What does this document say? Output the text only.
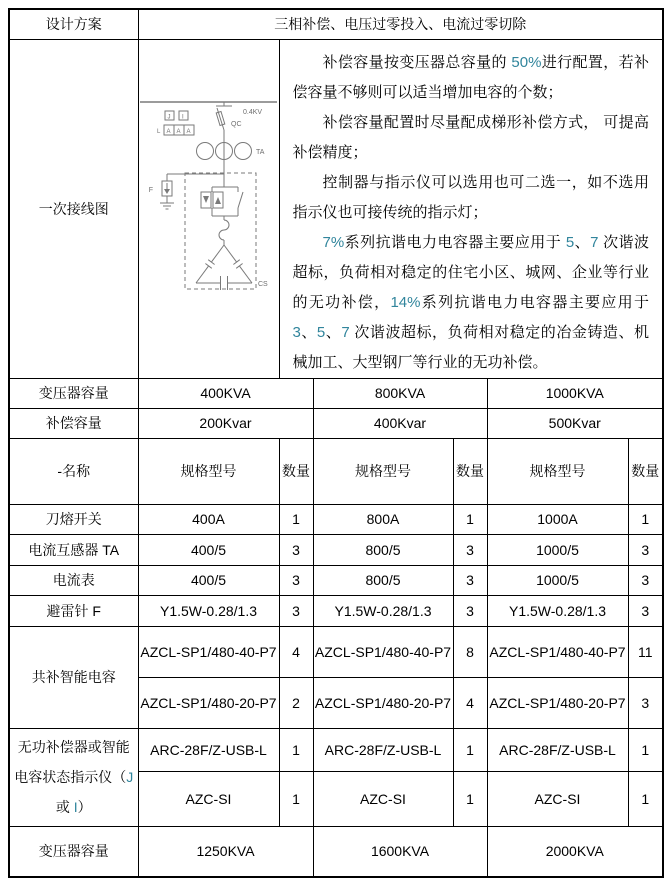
设计方案	三相补偿、电压过零投入、电流过零切除					
一次接线图	
0.4KV
QC
J I
L A A A
TA
F
CS

补偿容量按变压器总容量的 50%进行配置，若补偿容量不够则可以适当增加电容的个数；

补偿容量配置时尽量配成梯形补偿方式， 可提高补偿精度；

控制器与指示仪可以选用也可二选一，如不选用指示仪也可接传统的指示灯；

7%系列抗谐电力电容器主要应用于 5、7 次谐波超标，负荷相对稳定的住宅小区、城网、企业等行业的无功补偿，14%系列抗谐电力电容器主要应用于 3、5、7 次谐波超标，负荷相对稳定的冶金铸造、机械加工、大型钢厂等行业的无功补偿。

变压器容量	400KVA		800KVA		1000KVA	
补偿容量	200Kvar		400Kvar		500Kvar	
-名称	规格型号	数量	规格型号	数量	规格型号	数量
刀熔开关	400A	1	800A	1	1000A	1
电流互感器 TA	400/5	3	800/5	3	1000/5	3
电流表	400/5	3	800/5	3	1000/5	3
避雷针 F	Y1.5W-0.28/1.3	3	Y1.5W-0.28/1.3	3	Y1.5W-0.28/1.3	3
共补智能电容	AZCL-SP1/480-40-P7	4	AZCL-SP1/480-40-P7	8	AZCL-SP1/480-40-P7	11
	AZCL-SP1/480-20-P7	2	AZCL-SP1/480-20-P7	4	AZCL-SP1/480-20-P7	3
无功补偿器或智能电容状态指示仪（J 或 I）	ARC-28F/Z-USB-L	1	ARC-28F/Z-USB-L	1	ARC-28F/Z-USB-L	1
	AZC-SI	1	AZC-SI	1	AZC-SI	1
变压器容量	1250KVA		1600KVA		2000KVA	
